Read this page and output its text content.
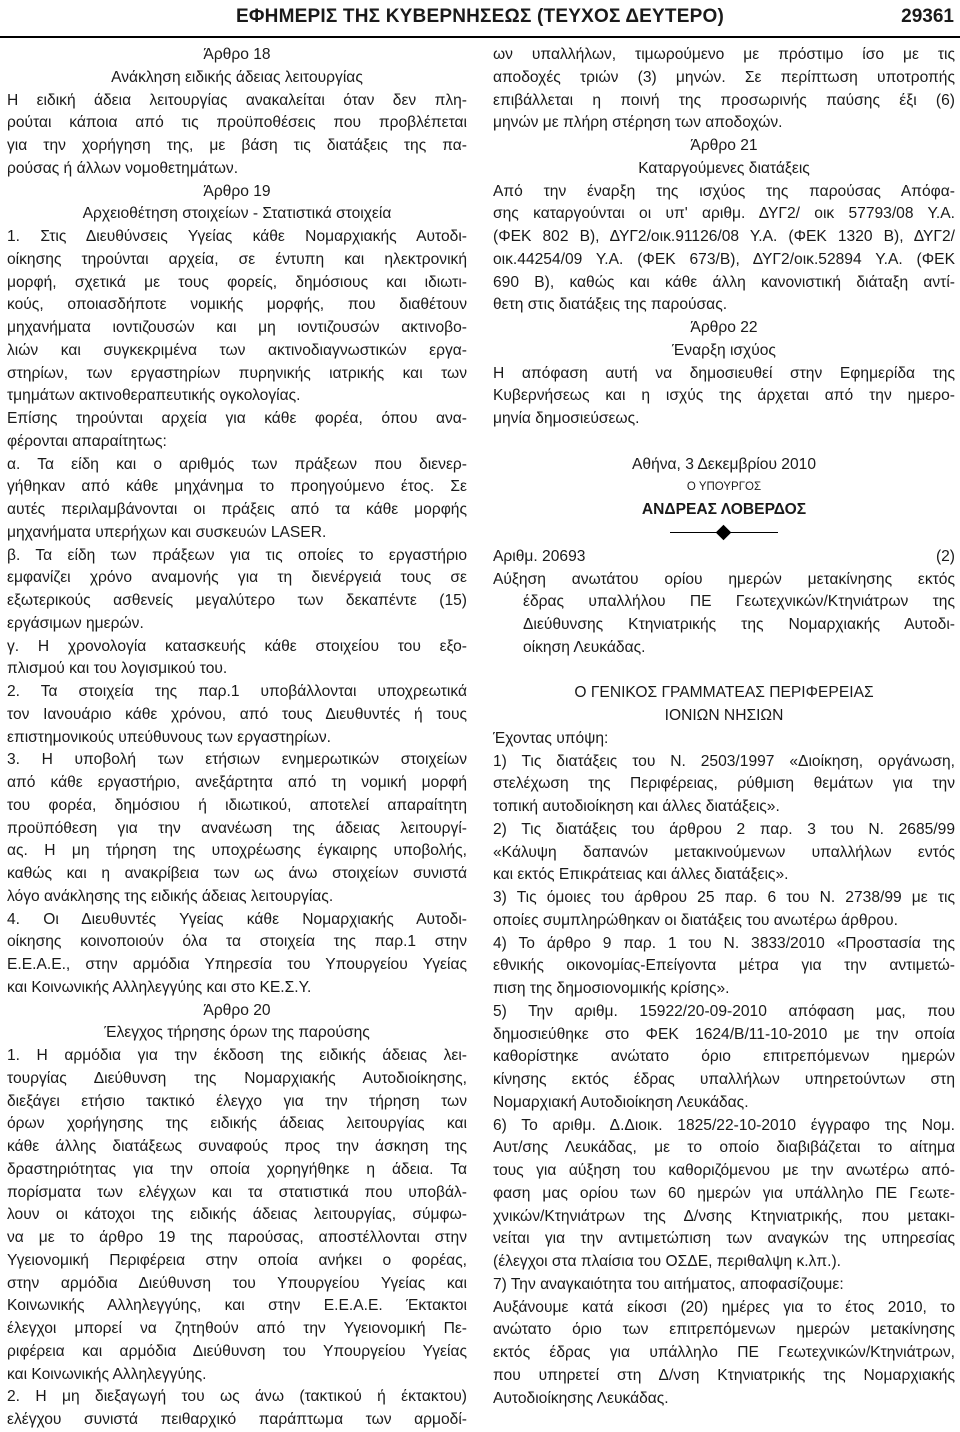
ΕΦΗΜΕΡΙΣ ΤΗΣ ΚΥΒΕΡΝΗΣΕΩΣ (ΤΕΥΧΟΣ ΔΕΥΤΕΡΟ)	29361
Άρθρο 18
Ανάκληση ειδικής άδειας λειτουργίας
Η ειδική άδεια λειτουργίας ανακαλείται όταν δεν πλη-
ρούται κάποια από τις προϋποθέσεις που προβλέπεται
για την χορήγηση της, με βάση τις διατάξεις της πα-
ρούσας ή άλλων νομοθετημάτων.
Άρθρο 19
Αρχειοθέτηση στοιχείων - Στατιστικά στοιχεία
1. Στις Διευθύνσεις Υγείας κάθε Νομαρχιακής Αυτοδι-
οίκησης τηρούνται αρχεία, σε έντυπη και ηλεκτρονική
μορφή, σχετικά με τους φορείς, δημόσιους και ιδιωτι-
κούς, οποιασδήποτε νομικής μορφής, που διαθέτουν
μηχανήματα ιοντιζουσών και μη ιοντιζουσών ακτινοβο-
λιών και συγκεκριμένα των ακτινοδιαγνωστικών εργα-
στηρίων, των εργαστηρίων πυρηνικής ιατρικής και των
τμημάτων ακτινοθεραπευτικής ογκολογίας.
Επίσης τηρούνται αρχεία για κάθε φορέα, όπου ανα-
φέρονται απαραίτητως:
α. Τα είδη και ο αριθμός των πράξεων που διενερ-
γήθηκαν από κάθε μηχάνημα το προηγούμενο έτος. Σε
αυτές περιλαμβάνονται οι πράξεις από τα κάθε μορφής
μηχανήματα υπερήχων και συσκευών LASER.
β. Τα είδη των πράξεων για τις οποίες το εργαστήριο
εμφανίζει χρόνο αναμονής για τη διενέργειά τους σε
εξωτερικούς ασθενείς μεγαλύτερο των δεκαπέντε (15)
εργάσιμων ημερών.
γ. Η χρονολογία κατασκευής κάθε στοιχείου του εξο-
πλισμού και του λογισμικού του.
2. Τα στοιχεία της παρ.1 υποβάλλονται υποχρεωτικά
τον Ιανουάριο κάθε χρόνου, από τους Διευθυντές ή τους
επιστημονικούς υπεύθυνους των εργαστηρίων.
3. Η υποβολή των ετήσιων ενημερωτικών στοιχείων
από κάθε εργαστήριο, ανεξάρτητα από τη νομική μορφή
του φορέα, δημόσιου ή ιδιωτικού, αποτελεί απαραίτητη
προϋπόθεση για την ανανέωση της άδειας λειτουργί-
ας. Η μη τήρηση της υποχρέωσης έγκαιρης υποβολής,
καθώς και η ανακρίβεια των ως άνω στοιχείων συνιστά
λόγο ανάκλησης της ειδικής άδειας λειτουργίας.
4. Οι Διευθυντές Υγείας κάθε Νομαρχιακής Αυτοδι-
οίκησης κοινοποιούν όλα τα στοιχεία της παρ.1 στην
Ε.Ε.Α.Ε., στην αρμόδια Υπηρεσία του Υπουργείου Υγείας
και Κοινωνικής Αλληλεγγύης και στο ΚΕ.Σ.Υ.
Άρθρο 20
Έλεγχος τήρησης όρων της παρούσης
1. Η αρμόδια για την έκδοση της ειδικής άδειας λει-
τουργίας Διεύθυνση της Νομαρχιακής Αυτοδιοίκησης,
διεξάγει ετήσιο τακτικό έλεγχο για την τήρηση των
όρων χορήγησης της ειδικής άδειας λειτουργίας και
κάθε άλλης διατάξεως συναφούς προς την άσκηση της
δραστηριότητας για την οποία χορηγήθηκε η άδεια. Τα
πορίσματα των ελέγχων και τα στατιστικά που υποβάλ-
λουν οι κάτοχοι της ειδικής άδειας λειτουργίας, σύμφω-
να με το άρθρο 19 της παρούσας, αποστέλλονται στην
Υγειονομική Περιφέρεια στην οποία ανήκει ο φορέας,
στην αρμόδια Διεύθυνση του Υπουργείου Υγείας και
Κοινωνικής Αλληλεγγύης, και στην Ε.Ε.Α.Ε. Έκτακτοι
έλεγχοι μπορεί να ζητηθούν από την Υγειονομική Πε-
ριφέρεια και αρμόδια Διεύθυνση του Υπουργείου Υγείας
και Κοινωνικής Αλληλεγγύης.
2. Η μη διεξαγωγή του ως άνω (τακτικού ή έκτακτου)
ελέγχου συνιστά πειθαρχικό παράπτωμα των αρμοδί-
ων υπαλλήλων, τιμωρούμενο με πρόστιμο ίσο με τις
αποδοχές τριών (3) μηνών. Σε περίπτωση υποτροπής
επιβάλλεται η ποινή της προσωρινής παύσης έξι (6)
μηνών με πλήρη στέρηση των αποδοχών.
Άρθρο 21
Καταργούμενες διατάξεις
Από την έναρξη της ισχύος της παρούσας Απόφα-
σης καταργούνται οι υπ' αριθμ. ΔΥΓ2/ οικ 57793/08 Υ.Α.
(ΦΕΚ 802 Β), ΔΥΓ2/οικ.91126/08 Υ.Α. (ΦΕΚ 1320 Β), ΔΥΓ2/
οικ.44254/09 Υ.Α. (ΦΕΚ 673/Β), ΔΥΓ2/οικ.52894 Υ.Α. (ΦΕΚ
690 Β), καθώς και κάθε άλλη κανονιστική διάταξη αντί-
θετη στις διατάξεις της παρούσας.
Άρθρο 22
Έναρξη ισχύος
Η απόφαση αυτή να δημοσιευθεί στην Εφημερίδα της
Κυβερνήσεως και η ισχύς της άρχεται από την ημερο-
μηνία δημοσιεύσεως.
Αθήνα, 3 Δεκεμβρίου 2010
Ο ΥΠΟΥΡΓΟΣ
ΑΝΔΡΕΑΣ ΛΟΒΕΡΔΟΣ
Αριθμ. 20693	(2)
Αύξηση ανωτάτου ορίου ημερών μετακίνησης εκτός
έδρας υπαλλήλου ΠΕ Γεωτεχνικών/Κτηνιάτρων της
Διεύθυνσης Κτηνιατρικής της Νομαρχιακής Αυτοδι-
οίκηση Λευκάδας.
Ο ΓΕΝΙΚΟΣ ΓΡΑΜΜΑΤΕΑΣ ΠΕΡΙΦΕΡΕΙΑΣ
ΙΟΝΙΩΝ ΝΗΣΙΩΝ
Έχοντας υπόψη:
1) Τις διατάξεις του Ν. 2503/1997 «Διοίκηση, οργάνωση,
στελέχωση της Περιφέρειας, ρύθμιση θεμάτων για την
τοπική αυτοδιοίκηση και άλλες διατάξεις».
2) Τις διατάξεις του άρθρου 2 παρ. 3 του Ν. 2685/99
«Κάλυψη δαπανών μετακινούμενων υπαλλήλων εντός
και εκτός Επικράτειας και άλλες διατάξεις».
3) Τις όμοιες του άρθρου 25 παρ. 6 του Ν. 2738/99 με τις
οποίες συμπληρώθηκαν οι διατάξεις του ανωτέρω άρθρου.
4) Το άρθρο 9 παρ. 1 του Ν. 3833/2010 «Προστασία της
εθνικής οικονομίας-Επείγοντα μέτρα για την αντιμετώ-
πιση της δημοσιονομικής κρίσης».
5) Την αριθμ. 15922/20-09-2010 απόφαση μας, που
δημοσιεύθηκε στο ΦΕΚ 1624/Β/11-10-2010 με την οποία
καθορίστηκε ανώτατο όριο επιτρεπόμενων ημερών
κίνησης εκτός έδρας υπαλλήλων υπηρετούντων στη
Νομαρχιακή Αυτοδιοίκηση Λευκάδας.
6) Το αριθμ. Δ.Διοικ. 1825/22-10-2010 έγγραφο της Νομ.
Αυτ/σης Λευκάδας, με το οποίο διαβιβάζεται το αίτημα
τους για αύξηση του καθοριζόμενου με την ανωτέρω από-
φαση μας ορίου των 60 ημερών για υπάλληλο ΠΕ Γεωτε-
χνικών/Κτηνιάτρων της Δ/νσης Κτηνιατρικής, που μετακι-
νείται για την αντιμετώπιση των αναγκών της υπηρεσίας
(έλεγχοι στα πλαίσια του ΟΣΔΕ, περιθαλψη κ.λπ.).
7) Την αναγκαιότητα του αιτήματος, αποφασίζουμε:
Αυξάνουμε κατά είκοσι (20) ημέρες για το έτος 2010, το
ανώτατο όριο των επιτρεπόμενων ημερών μετακίνησης
εκτός έδρας για υπάλληλο ΠΕ Γεωτεχνικών/Κτηνιάτρων,
που υπηρετεί στη Δ/νση Κτηνιατρικής της Νομαρχιακής
Αυτοδιοίκησης Λευκάδας.
